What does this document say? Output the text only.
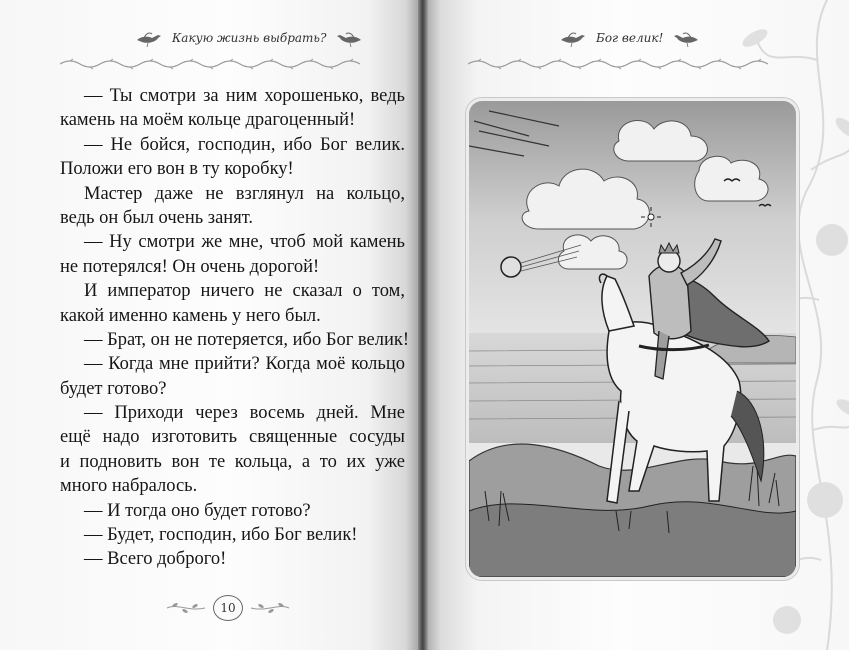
Какую жизнь выбрать?
— Ты смотри за ним хорошенько, ведь
камень на моём кольце драгоценный!
— Не бойся, господин, ибо Бог велик.
Положи его вон в ту коробку!
Мастер даже не взглянул на кольцо,
ведь он был очень занят.
— Ну смотри же мне, чтоб мой камень
не потерялся! Он очень дорогой!
И император ничего не сказал о том,
какой именно камень у него был.
— Брат, он не потеряется, ибо Бог велик!
— Когда мне прийти? Когда моё кольцо
будет готово?
— Приходи через восемь дней. Мне
ещё надо изготовить священные сосуды
и подновить вон те кольца, а то их уже
много набралось.
— И тогда оно будет готово?
— Будет, господин, ибо Бог велик!
— Всего доброго!
10
Бог велик!
